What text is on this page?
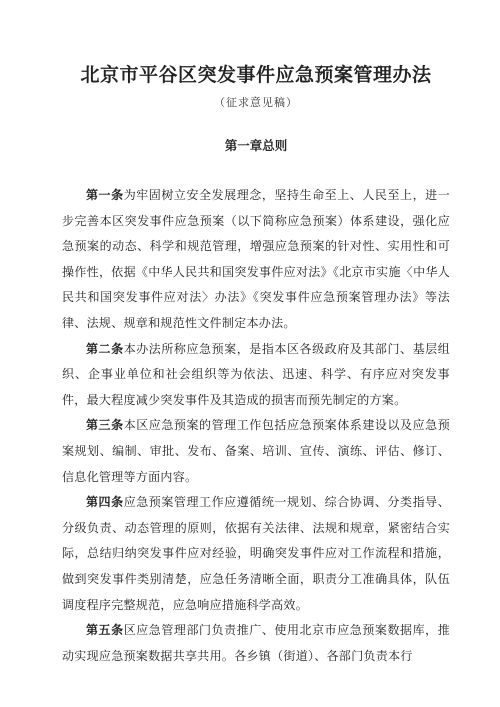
北京市平谷区突发事件应急预案管理办法
（征求意见稿）
第一章总则

第一条为牢固树立安全发展理念，坚持生命至上、人民至上，进一步完善本区突发事件应急预案（以下简称应急预案）体系建设，强化应急预案的动态、科学和规范管理，增强应急预案的针对性、实用性和可操作性，依据《中华人民共和国突发事件应对法》《北京市实施〈中华人民共和国突发事件应对法〉办法》《突发事件应急预案管理办法》等法律、法规、规章和规范性文件制定本办法。

第二条本办法所称应急预案，是指本区各级政府及其部门、基层组织、企事业单位和社会组织等为依法、迅速、科学、有序应对突发事件，最大程度减少突发事件及其造成的损害而预先制定的方案。

第三条本区应急预案的管理工作包括应急预案体系建设以及应急预案规划、编制、审批、发布、备案、培训、宣传、演练、评估、修订、信息化管理等方面内容。

第四条应急预案管理工作应遵循统一规划、综合协调、分类指导、分级负责、动态管理的原则，依据有关法律、法规和规章，紧密结合实际，总结归纳突发事件应对经验，明确突发事件应对工作流程和措施，做到突发事件类别清楚，应急任务清晰全面，职责分工准确具体，队伍调度程序完整规范，应急响应措施科学高效。

第五条区应急管理部门负责推广、使用北京市应急预案数据库，推动实现应急预案数据共享共用。各乡镇（街道）、各部门负责本行
